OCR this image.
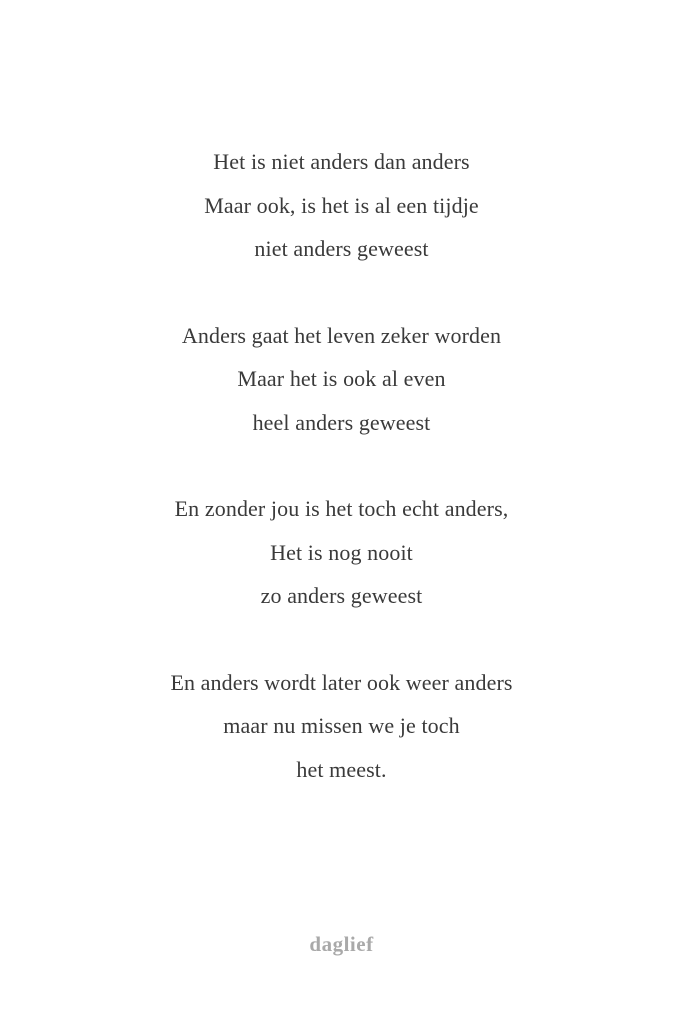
Het is niet anders dan anders
Maar ook, is het is al een tijdje
niet anders geweest
Anders gaat het leven zeker worden
Maar het is ook al even
heel anders geweest
En zonder jou is het toch echt anders,
Het is nog nooit
zo anders geweest
En anders wordt later ook weer anders
maar nu missen we je toch
het meest.
daglief
